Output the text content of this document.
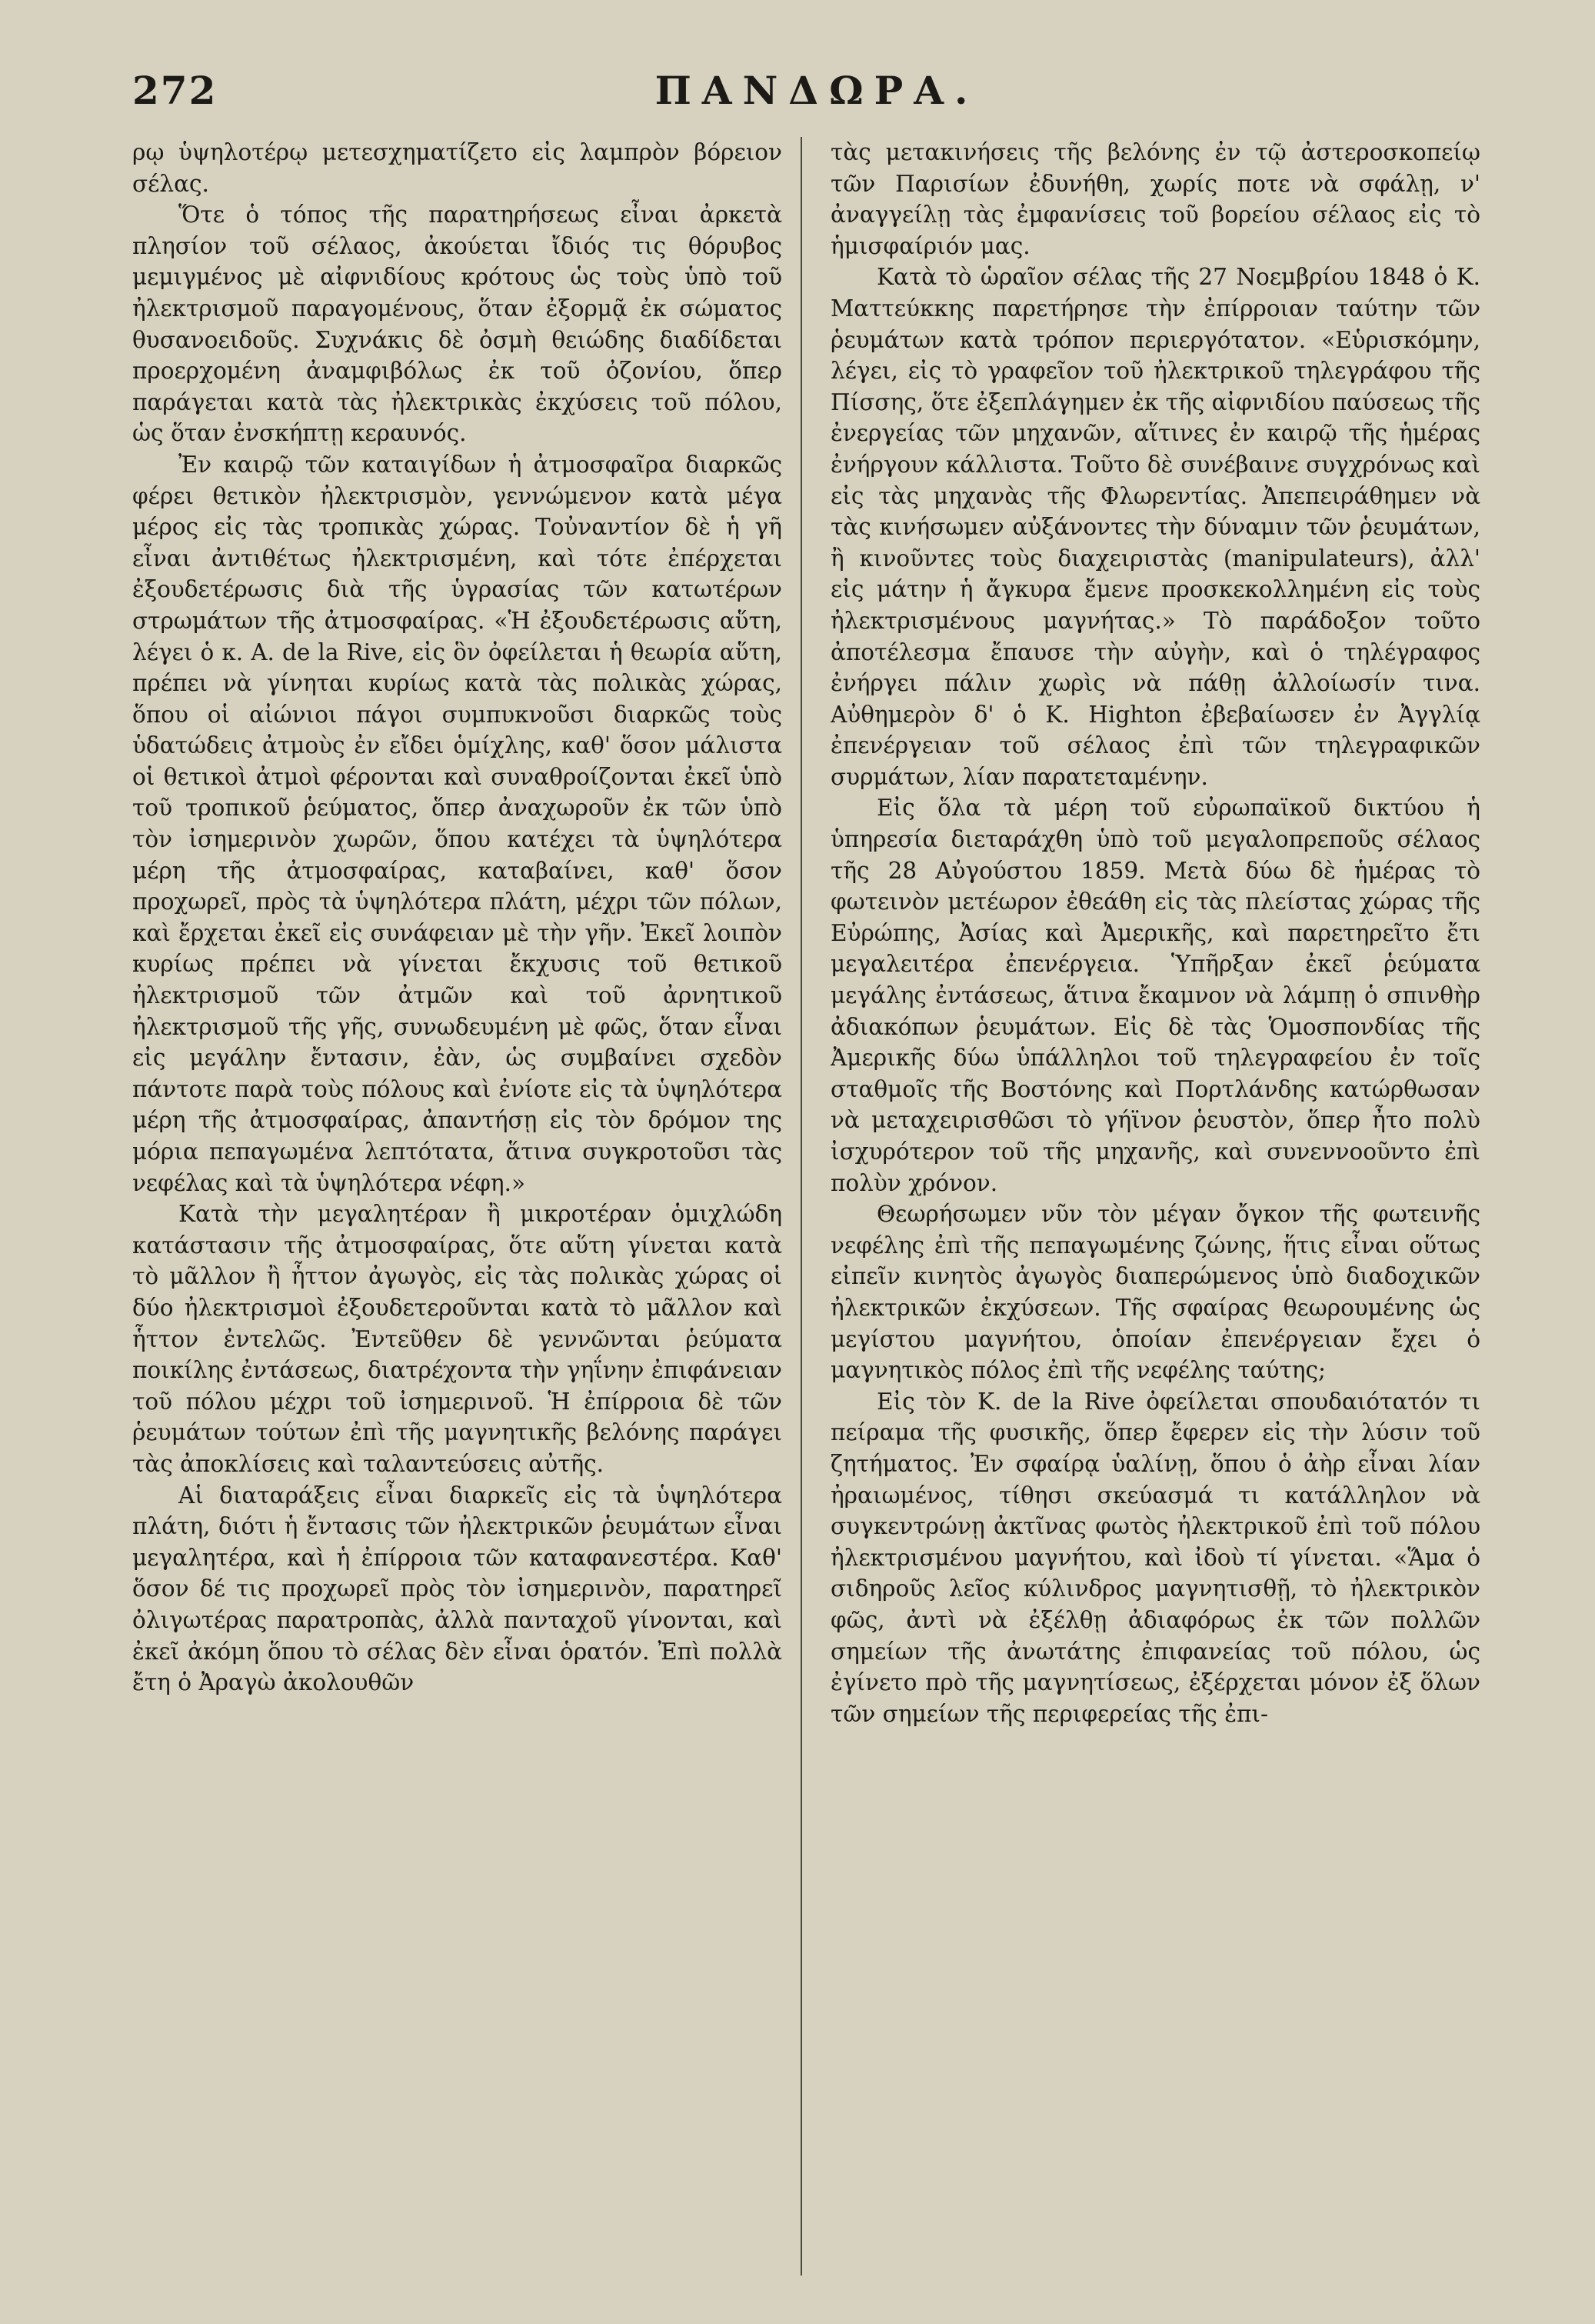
272	ΠΑΝΔΩΡΑ.

ρῳ ὑψηλοτέρῳ μετεσχηματίζετο εἰς λαμπρὸν βόρειον σέλας.

Ὅτε ὁ τόπος τῆς παρατηρήσεως εἶναι ἀρκετὰ πλησίον τοῦ σέλαος, ἀκούεται ἴδιός τις θόρυβος μεμιγμένος μὲ αἰφνιδίους κρότους ὡς τοὺς ὑπὸ τοῦ ἠλεκτρισμοῦ παραγομένους, ὅταν ἐξορμᾷ ἐκ σώματος θυσανοειδοῦς. Συχνάκις δὲ ὀσμὴ θειώδης διαδίδεται προερχομένη ἀναμφιβόλως ἐκ τοῦ ὀζονίου, ὅπερ παράγεται κατὰ τὰς ἠλεκτρικὰς ἐκχύσεις τοῦ πόλου, ὡς ὅταν ἐνσκήπτῃ κεραυνός.

Ἐν καιρῷ τῶν καταιγίδων ἡ ἀτμοσφαῖρα διαρκῶς φέρει θετικὸν ἠλεκτρισμὸν, γεννώμενον κατὰ μέγα μέρος εἰς τὰς τροπικὰς χώρας. Τοὐναντίον δὲ ἡ γῆ εἶναι ἀντιθέτως ἠλεκτρισμένη, καὶ τότε ἐπέρχεται ἐξουδετέρωσις διὰ τῆς ὑγρασίας τῶν κατωτέρων στρωμάτων τῆς ἀτμοσφαίρας. «Ἡ ἐξουδετέρωσις αὕτη, λέγει ὁ κ. A. de la Rive, εἰς ὃν ὀφείλεται ἡ θεωρία αὕτη, πρέπει νὰ γίνηται κυρίως κατὰ τὰς πολικὰς χώρας, ὅπου οἱ αἰώνιοι πάγοι συμπυκνοῦσι διαρκῶς τοὺς ὑδατώδεις ἀτμοὺς ἐν εἴδει ὁμίχλης, καθ' ὅσον μάλιστα οἱ θετικοὶ ἀτμοὶ φέρονται καὶ συναθροίζονται ἐκεῖ ὑπὸ τοῦ τροπικοῦ ῥεύματος, ὅπερ ἀναχωροῦν ἐκ τῶν ὑπὸ τὸν ἰσημερινὸν χωρῶν, ὅπου κατέχει τὰ ὑψηλότερα μέρη τῆς ἀτμοσφαίρας, καταβαίνει, καθ' ὅσον προχωρεῖ, πρὸς τὰ ὑψηλότερα πλάτη, μέχρι τῶν πόλων, καὶ ἔρχεται ἐκεῖ εἰς συνάφειαν μὲ τὴν γῆν. Ἐκεῖ λοιπὸν κυρίως πρέπει νὰ γίνεται ἔκχυσις τοῦ θετικοῦ ἠλεκτρισμοῦ τῶν ἀτμῶν καὶ τοῦ ἀρνητικοῦ ἠλεκτρισμοῦ τῆς γῆς, συνωδευμένη μὲ φῶς, ὅταν εἶναι εἰς μεγάλην ἔντασιν, ἐὰν, ὡς συμβαίνει σχεδὸν πάντοτε παρὰ τοὺς πόλους καὶ ἐνίοτε εἰς τὰ ὑψηλότερα μέρη τῆς ἀτμοσφαίρας, ἀπαντήσῃ εἰς τὸν δρόμον της μόρια πεπαγωμένα λεπτότατα, ἅτινα συγκροτοῦσι τὰς νεφέλας καὶ τὰ ὑψηλότερα νέφη.»

Κατὰ τὴν μεγαλητέραν ἢ μικροτέραν ὁμιχλώδη κατάστασιν τῆς ἀτμοσφαίρας, ὅτε αὕτη γίνεται κατὰ τὸ μᾶλλον ἢ ἧττον ἀγωγὸς, εἰς τὰς πολικὰς χώρας οἱ δύο ἠλεκτρισμοὶ ἐξουδετεροῦνται κατὰ τὸ μᾶλλον καὶ ἧττον ἐντελῶς. Ἐντεῦθεν δὲ γεννῶνται ῥεύματα ποικίλης ἐντάσεως, διατρέχοντα τὴν γηΐνην ἐπιφάνειαν τοῦ πόλου μέχρι τοῦ ἰσημερινοῦ. Ἡ ἐπίρροια δὲ τῶν ῥευμάτων τούτων ἐπὶ τῆς μαγνητικῆς βελόνης παράγει τὰς ἀποκλίσεις καὶ ταλαντεύσεις αὐτῆς.

Αἱ διαταράξεις εἶναι διαρκεῖς εἰς τὰ ὑψηλότερα πλάτη, διότι ἡ ἔντασις τῶν ἠλεκτρικῶν ῥευμάτων εἶναι μεγαλητέρα, καὶ ἡ ἐπίρροια τῶν καταφανεστέρα. Καθ' ὅσον δέ τις προχωρεῖ πρὸς τὸν ἰσημερινὸν, παρατηρεῖ ὀλιγωτέρας παρατροπὰς, ἀλλὰ πανταχοῦ γίνονται, καὶ ἐκεῖ ἀκόμη ὅπου τὸ σέλας δὲν εἶναι ὁρατόν. Ἐπὶ πολλὰ ἔτη ὁ Ἀραγὼ ἀκολουθῶν

τὰς μετακινήσεις τῆς βελόνης ἐν τῷ ἀστεροσκοπείῳ τῶν Παρισίων ἐδυνήθη, χωρίς ποτε νὰ σφάλῃ, ν' ἀναγγείλῃ τὰς ἐμφανίσεις τοῦ βορείου σέλαος εἰς τὸ ἡμισφαίριόν μας.

Κατὰ τὸ ὡραῖον σέλας τῆς 27 Νοεμβρίου 1848 ὁ Κ. Ματτεύκκης παρετήρησε τὴν ἐπίρροιαν ταύτην τῶν ῥευμάτων κατὰ τρόπον περιεργότατον. «Εὑρισκόμην, λέγει, εἰς τὸ γραφεῖον τοῦ ἠλεκτρικοῦ τηλεγράφου τῆς Πίσσης, ὅτε ἐξεπλάγημεν ἐκ τῆς αἰφνιδίου παύσεως τῆς ἐνεργείας τῶν μηχανῶν, αἵτινες ἐν καιρῷ τῆς ἡμέρας ἐνήργουν κάλλιστα. Τοῦτο δὲ συνέβαινε συγχρόνως καὶ εἰς τὰς μηχανὰς τῆς Φλωρεντίας. Ἀπεπειράθημεν νὰ τὰς κινήσωμεν αὐξάνοντες τὴν δύναμιν τῶν ῥευμάτων, ἢ κινοῦντες τοὺς διαχειριστὰς (manipulateurs), ἀλλ' εἰς μάτην ἡ ἄγκυρα ἔμενε προσκεκολλημένη εἰς τοὺς ἠλεκτρισμένους μαγνήτας.» Τὸ παράδοξον τοῦτο ἀποτέλεσμα ἔπαυσε τὴν αὐγὴν, καὶ ὁ τηλέγραφος ἐνήργει πάλιν χωρὶς νὰ πάθῃ ἀλλοίωσίν τινα. Αὐθημερὸν δ' ὁ Κ. Highton ἐβεβαίωσεν ἐν Ἀγγλίᾳ ἐπενέργειαν τοῦ σέλαος ἐπὶ τῶν τηλεγραφικῶν συρμάτων, λίαν παρατεταμένην.

Εἰς ὅλα τὰ μέρη τοῦ εὐρωπαϊκοῦ δικτύου ἡ ὑπηρεσία διεταράχθη ὑπὸ τοῦ μεγαλοπρεποῦς σέλαος τῆς 28 Αὐγούστου 1859. Μετὰ δύω δὲ ἡμέρας τὸ φωτεινὸν μετέωρον ἐθεάθη εἰς τὰς πλείστας χώρας τῆς Εὐρώπης, Ἀσίας καὶ Ἀμερικῆς, καὶ παρετηρεῖτο ἔτι μεγαλειτέρα ἐπενέργεια. Ὑπῆρξαν ἐκεῖ ῥεύματα μεγάλης ἐντάσεως, ἅτινα ἔκαμνον νὰ λάμπῃ ὁ σπινθὴρ ἀδιακόπων ῥευμάτων. Εἰς δὲ τὰς Ὁμοσπονδίας τῆς Ἀμερικῆς δύω ὑπάλληλοι τοῦ τηλεγραφείου ἐν τοῖς σταθμοῖς τῆς Βοστόνης καὶ Πορτλάνδης κατώρθωσαν νὰ μεταχειρισθῶσι τὸ γήϊνον ῥευστὸν, ὅπερ ἦτο πολὺ ἰσχυρότερον τοῦ τῆς μηχανῆς, καὶ συνεννοοῦντο ἐπὶ πολὺν χρόνον.

Θεωρήσωμεν νῦν τὸν μέγαν ὄγκον τῆς φωτεινῆς νεφέλης ἐπὶ τῆς πεπαγωμένης ζώνης, ἥτις εἶναι οὕτως εἰπεῖν κινητὸς ἀγωγὸς διαπερώμενος ὑπὸ διαδοχικῶν ἠλεκτρικῶν ἐκχύσεων. Τῆς σφαίρας θεωρουμένης ὡς μεγίστου μαγνήτου, ὁποίαν ἐπενέργειαν ἔχει ὁ μαγνητικὸς πόλος ἐπὶ τῆς νεφέλης ταύτης;

Εἰς τὸν Κ. de la Rive ὀφείλεται σπουδαιότατόν τι πείραμα τῆς φυσικῆς, ὅπερ ἔφερεν εἰς τὴν λύσιν τοῦ ζητήματος. Ἐν σφαίρᾳ ὑαλίνῃ, ὅπου ὁ ἀὴρ εἶναι λίαν ἠραιωμένος, τίθησι σκεύασμά τι κατάλληλον νὰ συγκεντρώνῃ ἀκτῖνας φωτὸς ἠλεκτρικοῦ ἐπὶ τοῦ πόλου ἠλεκτρισμένου μαγνήτου, καὶ ἰδοὺ τί γίνεται. «Ἅμα ὁ σιδηροῦς λεῖος κύλινδρος μαγνητισθῇ, τὸ ἠλεκτρικὸν φῶς, ἀντὶ νὰ ἐξέλθῃ ἀδιαφόρως ἐκ τῶν πολλῶν σημείων τῆς ἀνωτάτης ἐπιφανείας τοῦ πόλου, ὡς ἐγίνετο πρὸ τῆς μαγνητίσεως, ἐξέρχεται μόνον ἐξ ὅλων τῶν σημείων τῆς περιφερείας τῆς ἐπι-
